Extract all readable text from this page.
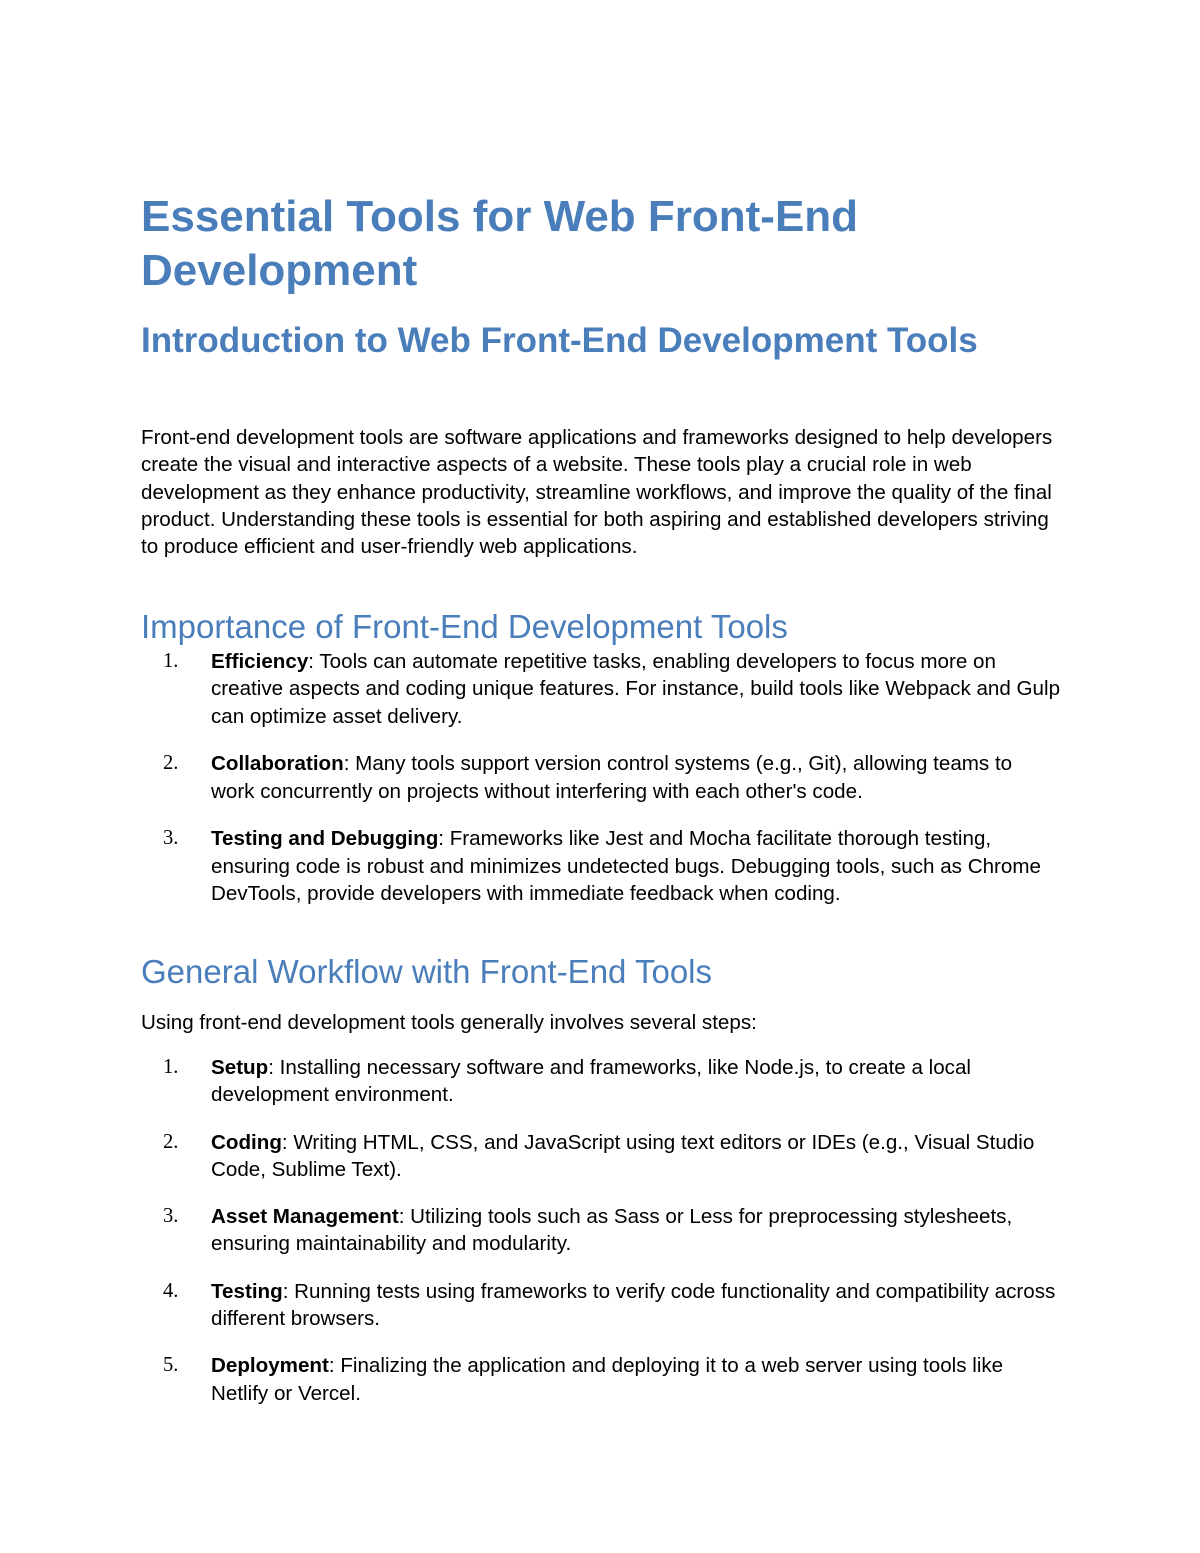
Essential Tools for Web Front-End Development
Introduction to Web Front-End Development Tools

Front-end development tools are software applications and frameworks designed to help developers create the visual and interactive aspects of a website. These tools play a crucial role in web development as they enhance productivity, streamline workflows, and improve the quality of the final product. Understanding these tools is essential for both aspiring and established developers striving to produce efficient and user-friendly web applications.

Importance of Front-End Development Tools
1. Efficiency: Tools can automate repetitive tasks, enabling developers to focus more on creative aspects and coding unique features. For instance, build tools like Webpack and Gulp can optimize asset delivery.
2. Collaboration: Many tools support version control systems (e.g., Git), allowing teams to work concurrently on projects without interfering with each other's code.
3. Testing and Debugging: Frameworks like Jest and Mocha facilitate thorough testing, ensuring code is robust and minimizes undetected bugs. Debugging tools, such as Chrome DevTools, provide developers with immediate feedback when coding.
General Workflow with Front-End Tools

Using front-end development tools generally involves several steps:

1. Setup: Installing necessary software and frameworks, like Node.js, to create a local development environment.
2. Coding: Writing HTML, CSS, and JavaScript using text editors or IDEs (e.g., Visual Studio Code, Sublime Text).
3. Asset Management: Utilizing tools such as Sass or Less for preprocessing stylesheets, ensuring maintainability and modularity.
4. Testing: Running tests using frameworks to verify code functionality and compatibility across different browsers.
5. Deployment: Finalizing the application and deploying it to a web server using tools like Netlify or Vercel.
